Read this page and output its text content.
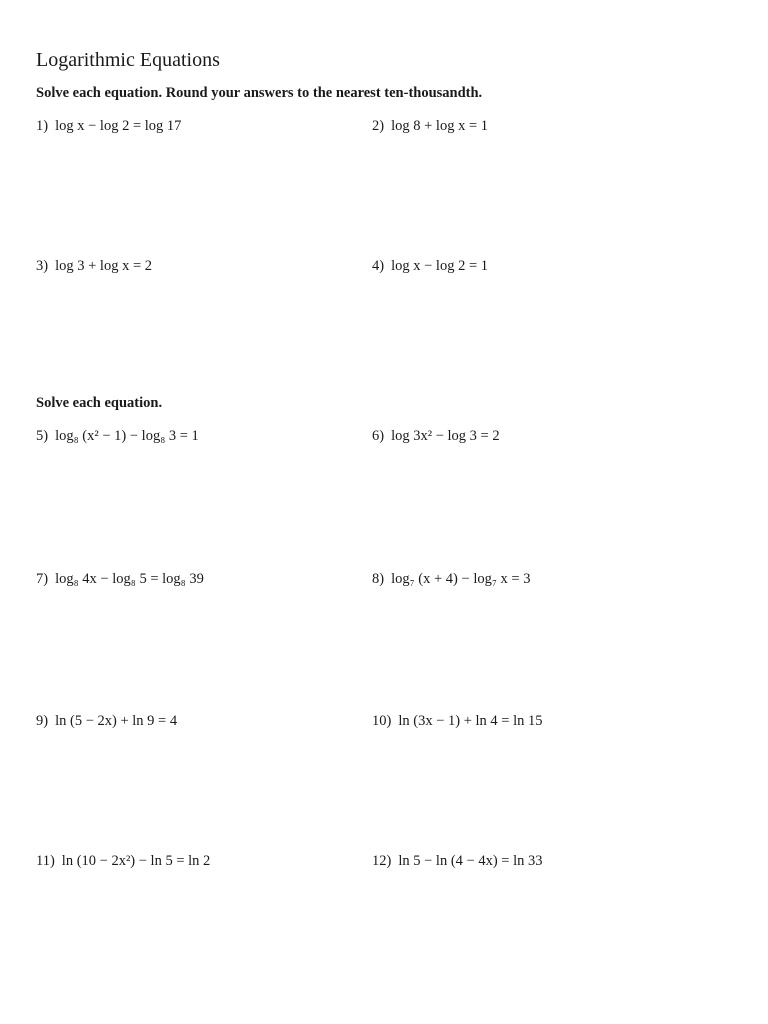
Logarithmic Equations
Solve each equation. Round your answers to the nearest ten-thousandth.
1) log x − log 2 = log 17	2) log 8 + log x = 1
3) log 3 + log x = 2	4) log x − log 2 = 1
Solve each equation.
5) log₈ (x² − 1) − log₈ 3 = 1	6) log 3x² − log 3 = 2
7) log₈ 4x − log₈ 5 = log₈ 39	8) log₇ (x + 4) − log₇ x = 3
9) ln (5 − 2x) + ln 9 = 4	10) ln (3x − 1) + ln 4 = ln 15
11) ln (10 − 2x²) − ln 5 = ln 2	12) ln 5 − ln (4 − 4x) = ln 33
